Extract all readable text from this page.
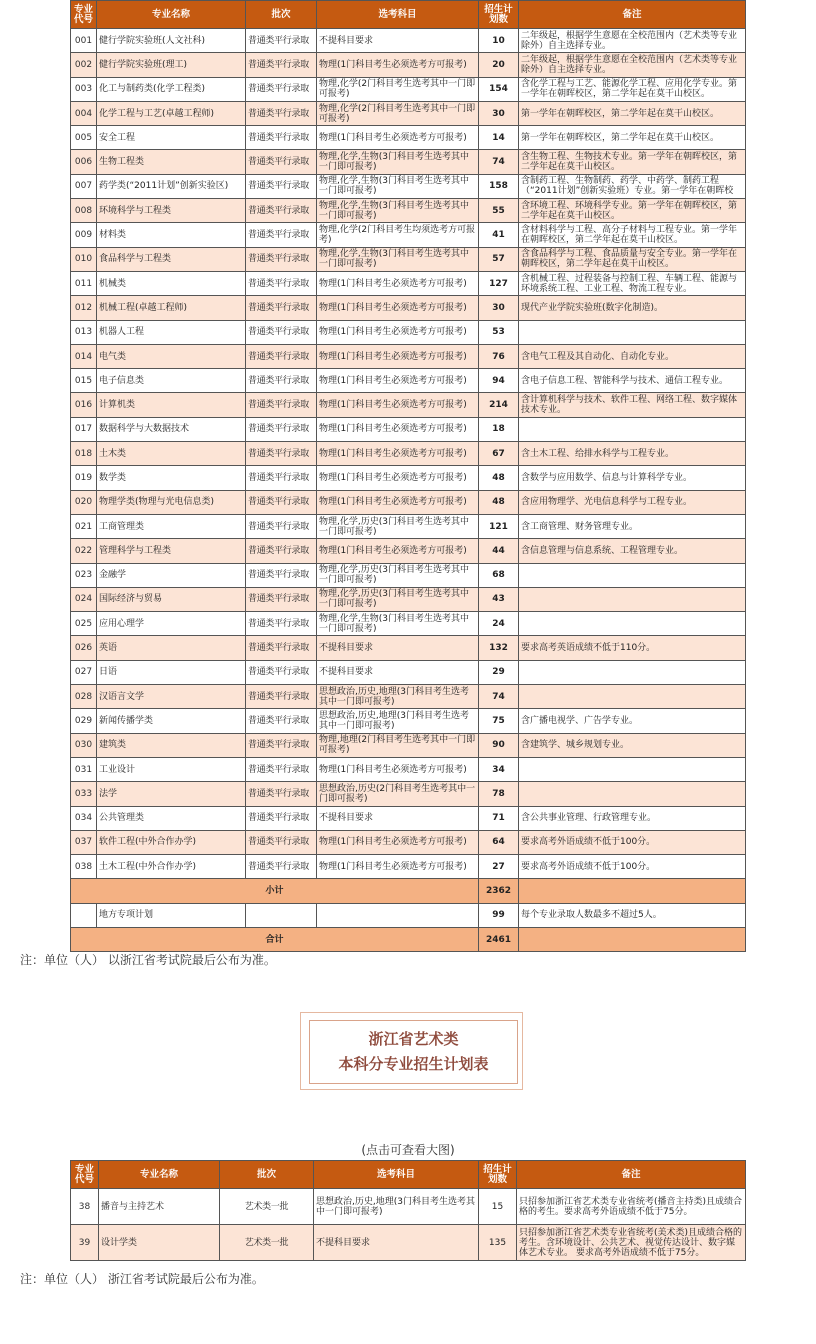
专业代号	专业名称	批次	选考科目	招生计划数	备注
001	健行学院实验班(人文社科)	普通类平行录取	不提科目要求	10	二年级起，根据学生意愿在全校范围内（艺术类等专业除外）自主选择专业。
002	健行学院实验班(理工)	普通类平行录取	物理(1门科目考生必须选考方可报考)	20	二年级起，根据学生意愿在全校范围内（艺术类等专业除外）自主选择专业。
003	化工与制药类(化学工程类)	普通类平行录取	物理,化学(2门科目考生选考其中一门即可报考)	154	含化学工程与工艺、能源化学工程、应用化学专业。第一学年在朝晖校区，第二学年起在莫干山校区。
004	化学工程与工艺(卓越工程师)	普通类平行录取	物理,化学(2门科目考生选考其中一门即可报考)	30	第一学年在朝晖校区，第二学年起在莫干山校区。
005	安全工程	普通类平行录取	物理(1门科目考生必须选考方可报考)	14	第一学年在朝晖校区，第二学年起在莫干山校区。
006	生物工程类	普通类平行录取	物理,化学,生物(3门科目考生选考其中一门即可报考)	74	含生物工程、生物技术专业。第一学年在朝晖校区，第二学年起在莫干山校区。
007	药学类(“2011计划”创新实验区)	普通类平行录取	物理,化学,生物(3门科目考生选考其中一门即可报考)	158	含制药工程、生物制药、药学、中药学、制药工程（“2011计划”创新实验班）专业。第一学年在朝晖校
008	环境科学与工程类	普通类平行录取	物理,化学,生物(3门科目考生选考其中一门即可报考)	55	含环境工程、环境科学专业。第一学年在朝晖校区，第二学年起在莫干山校区。
009	材料类	普通类平行录取	物理,化学(2门科目考生均须选考方可报考)	41	含材料科学与工程、高分子材料与工程专业。第一学年在朝晖校区，第二学年起在莫干山校区。
010	食品科学与工程类	普通类平行录取	物理,化学,生物(3门科目考生选考其中一门即可报考)	57	含食品科学与工程、食品质量与安全专业。第一学年在朝晖校区，第二学年起在莫干山校区。
011	机械类	普通类平行录取	物理(1门科目考生必须选考方可报考)	127	含机械工程、过程装备与控制工程、车辆工程、能源与环境系统工程、工业工程、物流工程专业。
012	机械工程(卓越工程师)	普通类平行录取	物理(1门科目考生必须选考方可报考)	30	现代产业学院实验班(数字化制造)。
013	机器人工程	普通类平行录取	物理(1门科目考生必须选考方可报考)	53	
014	电气类	普通类平行录取	物理(1门科目考生必须选考方可报考)	76	含电气工程及其自动化、自动化专业。
015	电子信息类	普通类平行录取	物理(1门科目考生必须选考方可报考)	94	含电子信息工程、智能科学与技术、通信工程专业。
016	计算机类	普通类平行录取	物理(1门科目考生必须选考方可报考)	214	含计算机科学与技术、软件工程、网络工程、数字媒体技术专业。
017	数据科学与大数据技术	普通类平行录取	物理(1门科目考生必须选考方可报考)	18	
018	土木类	普通类平行录取	物理(1门科目考生必须选考方可报考)	67	含土木工程、给排水科学与工程专业。
019	数学类	普通类平行录取	物理(1门科目考生必须选考方可报考)	48	含数学与应用数学、信息与计算科学专业。
020	物理学类(物理与光电信息类)	普通类平行录取	物理(1门科目考生必须选考方可报考)	48	含应用物理学、光电信息科学与工程专业。
021	工商管理类	普通类平行录取	物理,化学,历史(3门科目考生选考其中一门即可报考)	121	含工商管理、财务管理专业。
022	管理科学与工程类	普通类平行录取	物理(1门科目考生必须选考方可报考)	44	含信息管理与信息系统、工程管理专业。
023	金融学	普通类平行录取	物理,化学,历史(3门科目考生选考其中一门即可报考)	68	
024	国际经济与贸易	普通类平行录取	物理,化学,历史(3门科目考生选考其中一门即可报考)	43	
025	应用心理学	普通类平行录取	物理,化学,生物(3门科目考生选考其中一门即可报考)	24	
026	英语	普通类平行录取	不提科目要求	132	要求高考英语成绩不低于110分。
027	日语	普通类平行录取	不提科目要求	29	
028	汉语言文学	普通类平行录取	思想政治,历史,地理(3门科目考生选考其中一门即可报考)	74	
029	新闻传播学类	普通类平行录取	思想政治,历史,地理(3门科目考生选考其中一门即可报考)	75	含广播电视学、广告学专业。
030	建筑类	普通类平行录取	物理,地理(2门科目考生选考其中一门即可报考)	90	含建筑学、城乡规划专业。
031	工业设计	普通类平行录取	物理(1门科目考生必须选考方可报考)	34	
033	法学	普通类平行录取	思想政治,历史(2门科目考生选考其中一门即可报考)	78	
034	公共管理类	普通类平行录取	不提科目要求	71	含公共事业管理、行政管理专业。
037	软件工程(中外合作办学)	普通类平行录取	物理(1门科目考生必须选考方可报考)	64	要求高考外语成绩不低于100分。
038	土木工程(中外合作办学)	普通类平行录取	物理(1门科目考生必须选考方可报考)	27	要求高考外语成绩不低于100分。
小计				2362	
	地方专项计划			99	每个专业录取人数最多不超过5人。
合计				2461	
注：单位（人） 以浙江省考试院最后公布为准。
浙江省艺术类
本科分专业招生计划表
(点击可查看大图)
专业代号	专业名称	批次	选考科目	招生计划数	备注
38	播音与主持艺术	艺术类一批	思想政治,历史,地理(3门科目考生选考其中一门即可报考)	15	只招参加浙江省艺术类专业省统考(播音主持类)且成绩合格的考生。要求高考外语成绩不低于75分。
39	设计学类	艺术类一批	不提科目要求	135	只招参加浙江省艺术类专业省统考(美术类)且成绩合格的考生。含环境设计、公共艺术、视觉传达设计、数字媒体艺术专业。 要求高考外语成绩不低于75分。
注：单位（人） 浙江省考试院最后公布为准。
